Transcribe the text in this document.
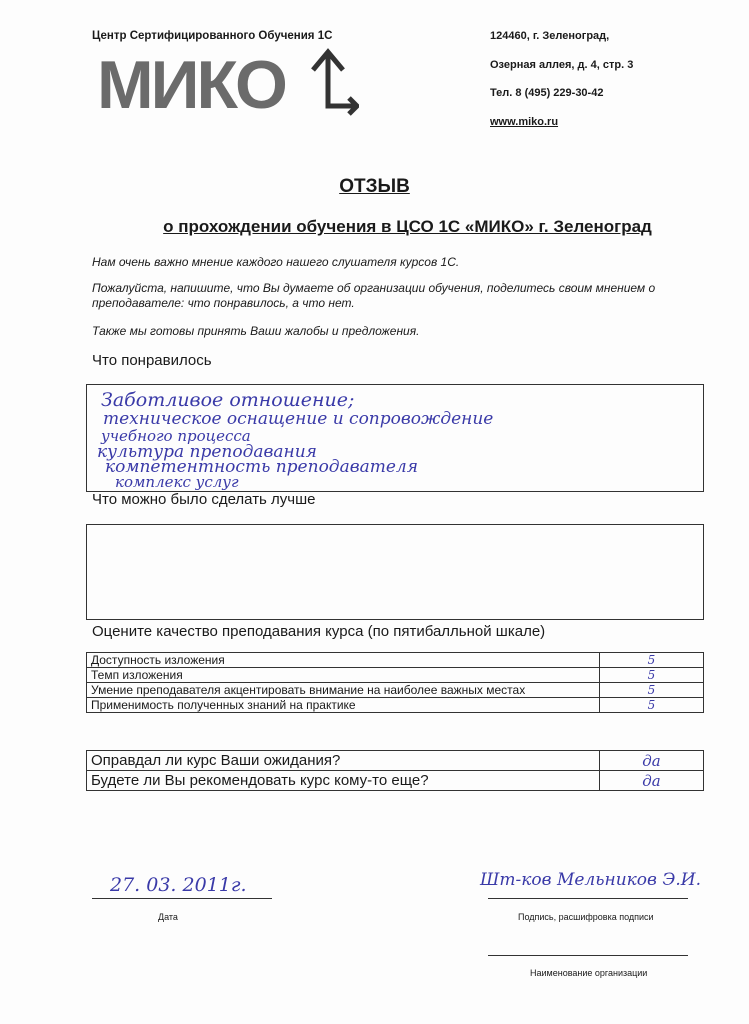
Центр Сертифицированного Обучения 1С
МИКО
124460, г. Зеленоград,
Озерная аллея, д. 4, стр. 3
Тел. 8 (495) 229-30-42
www.miko.ru
ОТЗЫВ
о прохождении обучения в ЦСО 1С «МИКО» г. Зеленоград
Нам очень важно мнение каждого нашего слушателя курсов 1С.
Пожалуйста, напишите, что Вы думаете об организации обучения, поделитесь своим мнением о преподавателе: что понравилось, а что нет.
Также мы готовы принять Ваши жалобы и предложения.
Что понравилось
Заботливое отношение;
техническое оснащение и сопровождение
учебного процесса
культура преподавания
компетентность преподавателя
комплекс услуг
Что можно было сделать лучше
Оцените качество преподавания курса (по пятибалльной шкале)
Доступность изложения	5
Темп изложения	5
Умение преподавателя акцентировать внимание на наиболее важных местах	5
Применимость полученных знаний на практике	5
Оправдал ли курс Ваши ожидания?	да
Будете ли Вы рекомендовать курс кому-то еще?	да
27. 03. 2011г.
Дата
Шт-ков Мельников Э.И.
Подпись, расшифровка подписи
Наименование организации
